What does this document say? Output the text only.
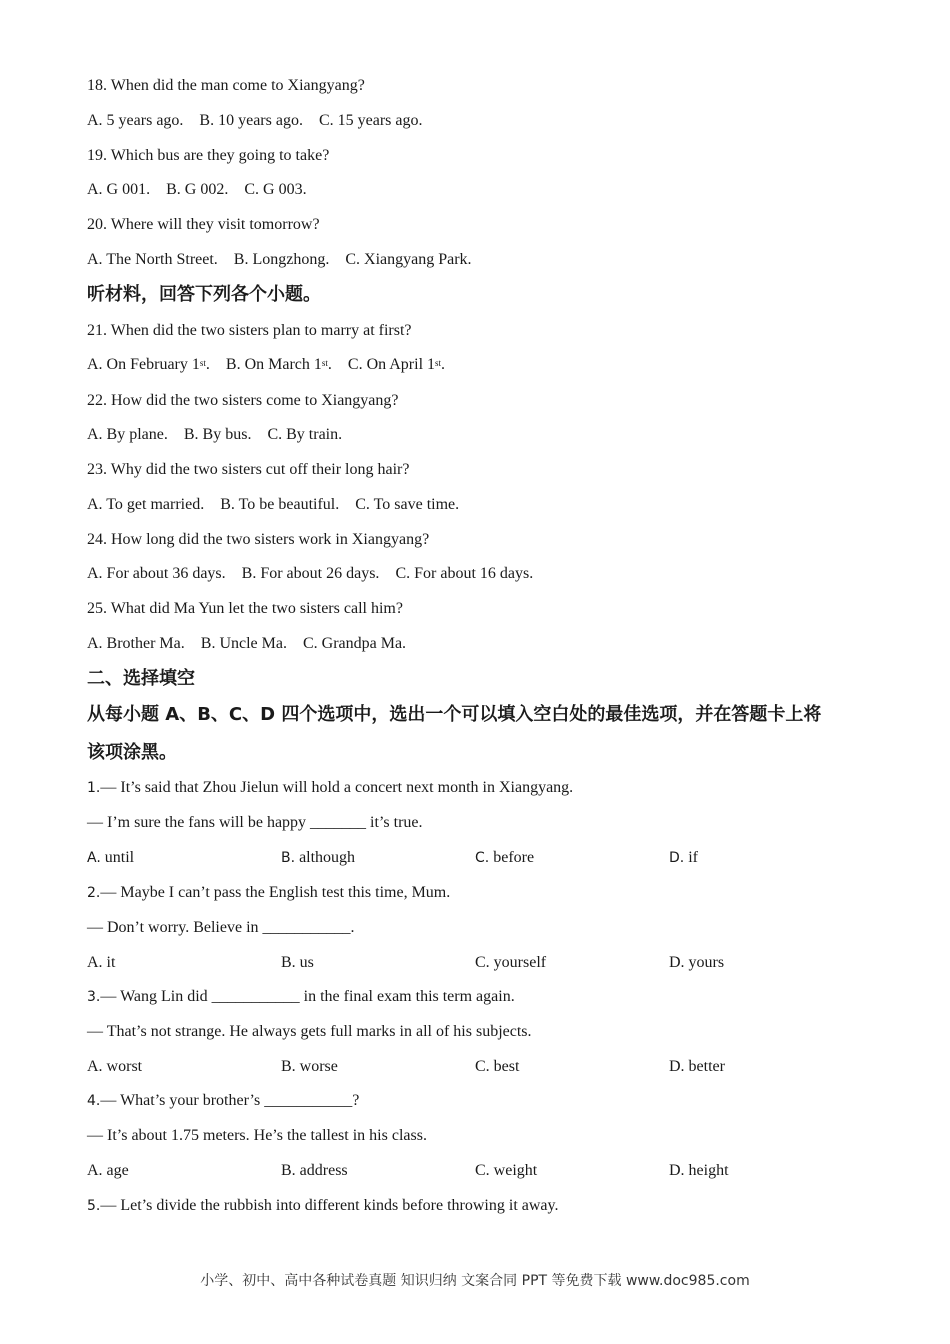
18. When did the man come to Xiangyang?
A. 5 years ago. B. 10 years ago. C. 15 years ago.
19. Which bus are they going to take?
A. G 001. B. G 002. C. G 003.
20. Where will they visit tomorrow?
A. The North Street. B. Longzhong. C. Xiangyang Park.
听材料，回答下列各个小题。
21. When did the two sisters plan to marry at first?
A. On February 1st. B. On March 1st. C. On April 1st.
22. How did the two sisters come to Xiangyang?
A. By plane. B. By bus. C. By train.
23. Why did the two sisters cut off their long hair?
A. To get married. B. To be beautiful. C. To save time.
24. How long did the two sisters work in Xiangyang?
A. For about 36 days. B. For about 26 days. C. For about 16 days.
25. What did Ma Yun let the two sisters call him?
A. Brother Ma. B. Uncle Ma. C. Grandpa Ma.
二、选择填空
从每小题 A、B、C、D 四个选项中，选出一个可以填入空白处的最佳选项，并在答题卡上将
该项涂黑。
1.— It’s said that Zhou Jielun will hold a concert next month in Xiangyang.
— I’m sure the fans will be happy _______ it’s true.
A. until	B. although	C. before	D. if
2.— Maybe I can’t pass the English test this time, Mum.
— Don’t worry. Believe in ___________.
A. it	B. us	C. yourself	D. yours
3.— Wang Lin did ___________ in the final exam this term again.
— That’s not strange. He always gets full marks in all of his subjects.
A. worst	B. worse	C. best	D. better
4.— What’s your brother’s ___________?
— It’s about 1.75 meters. He’s the tallest in his class.
A. age	B. address	C. weight	D. height
5.— Let’s divide the rubbish into different kinds before throwing it away.
小学、初中、高中各种试卷真题 知识归纳 文案合同 PPT 等免费下载 www.doc985.com
